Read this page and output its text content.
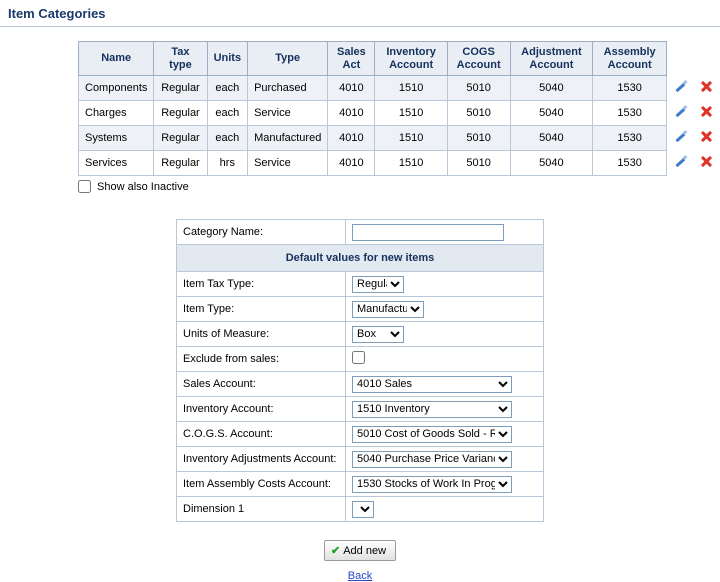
Item Categories
Name	Tax type	Units	Type	Sales Act	Inventory Account	COGS Account	Adjustment Account	Assembly Account		
Components	Regular	each	Purchased	4010	1510	5010	5040	1530		
Charges	Regular	each	Service	4010	1510	5010	5040	1530		
Systems	Regular	each	Manufactured	4010	1510	5010	5040	1530		
Services	Regular	hrs	Service	4010	1510	5010	5040	1530		
Show also Inactive
Category Name:	
Default values for new items	
Item Tax Type:	
Regular
Item Type:	
Manufactured
Units of Measure:	
Box
Exclude from sales:	
Sales Account:	
4010 Sales
Inventory Account:	
1510 Inventory
C.O.G.S. Account:	
5010 Cost of Goods Sold - Retail
Inventory Adjustments Account:	
5040 Purchase Price Variance
Item Assembly Costs Account:	
1530 Stocks of Work In Progress
Dimension 1	
✔ Add new
Back
